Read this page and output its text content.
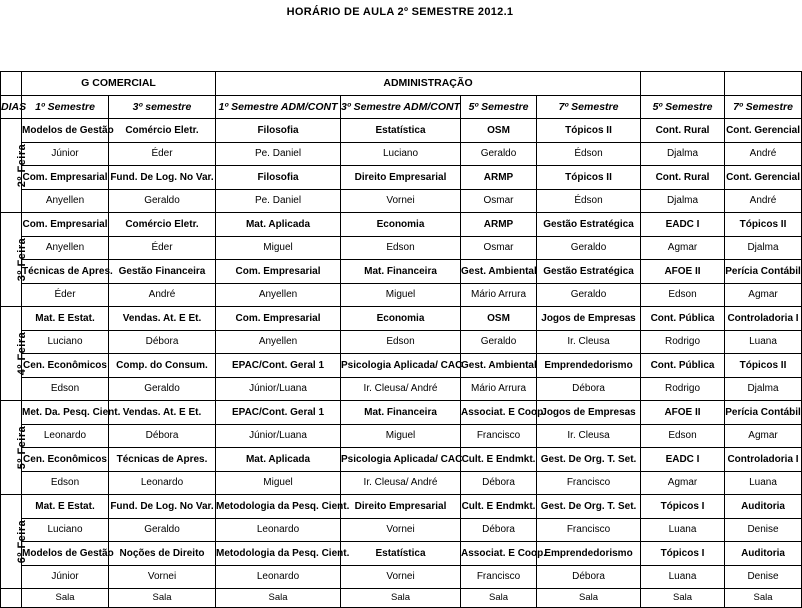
HORÁRIO DE AULA 2º SEMESTRE 2012.1
	G COMERCIAL		ADMINISTRAÇÃO					
DIAS	1º Semestre	3º semestre	1º Semestre ADM/CONT	3º Semestre ADM/CONT	5º Semestre	7º Semestre	5º Semestre	7º Semestre
2º Feira	Modelos de Gestão	Comércio Eletr.	Filosofia	Estatística	OSM	Tópicos II	Cont. Rural	Cont. Gerencial
	Júnior	Éder	Pe. Daniel	Luciano	Geraldo	Édson	Djalma	André
	Com. Empresarial	Fund. De Log. No Var.	Filosofia	Direito Empresarial	ARMP	Tópicos II	Cont. Rural	Cont. Gerencial
	Anyellen	Geraldo	Pe. Daniel	Vornei	Osmar	Édson	Djalma	André
3º Feira	Com. Empresarial	Comércio Eletr.	Mat. Aplicada	Economia	ARMP	Gestão Estratégica	EADC I	Tópicos II
	Anyellen	Éder	Miguel	Edson	Osmar	Geraldo	Agmar	Djalma
	Técnicas de Apres.	Gestão Financeira	Com. Empresarial	Mat. Financeira	Gest. Ambiental	Gestão Estratégica	AFOE II	Perícia Contábil
	Éder	André	Anyellen	Miguel	Mário Arrura	Geraldo	Edson	Agmar
4º Feira	Mat. E Estat.	Vendas. At. E Et.	Com. Empresarial	Economia	OSM	Jogos de Empresas	Cont. Pública	Controladoria I
	Luciano	Débora	Anyellen	Edson	Geraldo	Ir. Cleusa	Rodrigo	Luana
	Cen. Econômicos	Comp. do Consum.	EPAC/Cont. Geral 1	Psicologia Aplicada/ CAC	Gest. Ambiental	Emprendedorismo	Cont. Pública	Tópicos II
	Edson	Geraldo	Júnior/Luana	Ir. Cleusa/ André	Mário Arrura	Débora	Rodrigo	Djalma
5º Feira	Met. Da. Pesq. Cient.	Vendas. At. E Et.	EPAC/Cont. Geral 1	Mat. Financeira	Associat. E Coop.	Jogos de Empresas	AFOE II	Perícia Contábil
	Leonardo	Débora	Júnior/Luana	Miguel	Francisco	Ir. Cleusa	Edson	Agmar
	Cen. Econômicos	Técnicas de Apres.	Mat. Aplicada	Psicologia Aplicada/ CAC	Cult. E Endmkt.	Gest. De Org. T. Set.	EADC I	Controladoria I
	Edson	Leonardo	Miguel	Ir. Cleusa/ André	Débora	Francisco	Agmar	Luana
6º Feira	Mat. E Estat.	Fund. De Log. No Var.	Metodologia da Pesq. Cient.	Direito Empresarial	Cult. E Endmkt.	Gest. De Org. T. Set.	Tópicos I	Auditoria
	Luciano	Geraldo	Leonardo	Vornei	Débora	Francisco	Luana	Denise
	Modelos de Gestão	Noções de Direito	Metodologia da Pesq. Cient.	Estatística	Associat. E Coop.	Emprendedorismo	Tópicos I	Auditoria
	Júnior	Vornei	Leonardo	Vornei	Francisco	Débora	Luana	Denise
	Sala	Sala	Sala	Sala	Sala	Sala	Sala	Sala
